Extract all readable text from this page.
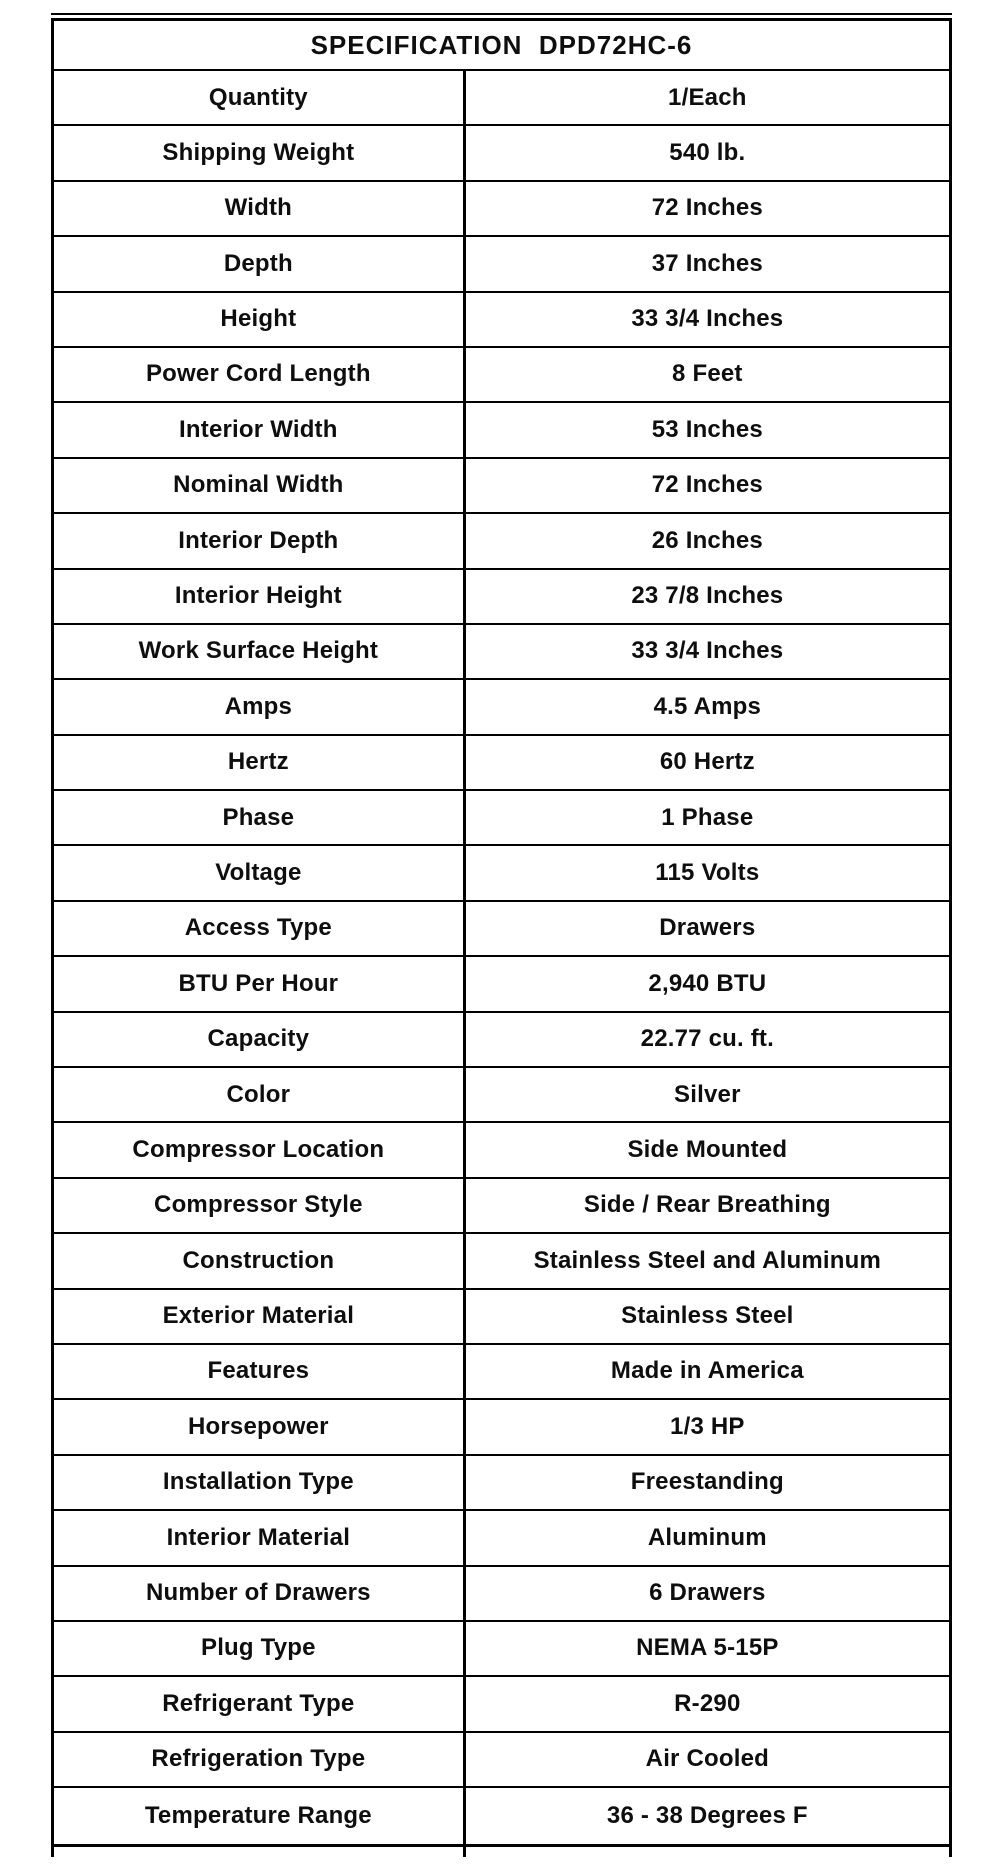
SPECIFICATION  DPD72HC-6
Quantity	1/Each
Shipping Weight	540 lb.
Width	72 Inches
Depth	37 Inches
Height	33 3/4 Inches
Power Cord Length	8 Feet
Interior Width	53 Inches
Nominal Width	72 Inches
Interior Depth	26 Inches
Interior Height	23 7/8 Inches
Work Surface Height	33 3/4 Inches
Amps	4.5 Amps
Hertz	60 Hertz
Phase	1 Phase
Voltage	115 Volts
Access Type	Drawers
BTU Per Hour	2,940 BTU
Capacity	22.77 cu. ft.
Color	Silver
Compressor Location	Side Mounted
Compressor Style	Side / Rear Breathing
Construction	Stainless Steel and Aluminum
Exterior Material	Stainless Steel
Features	Made in America
Horsepower	1/3 HP
Installation Type	Freestanding
Interior Material	Aluminum
Number of Drawers	6 Drawers
Plug Type	NEMA 5-15P
Refrigerant Type	R-290
Refrigeration Type	Air Cooled
Temperature Range	36 - 38 Degrees F
